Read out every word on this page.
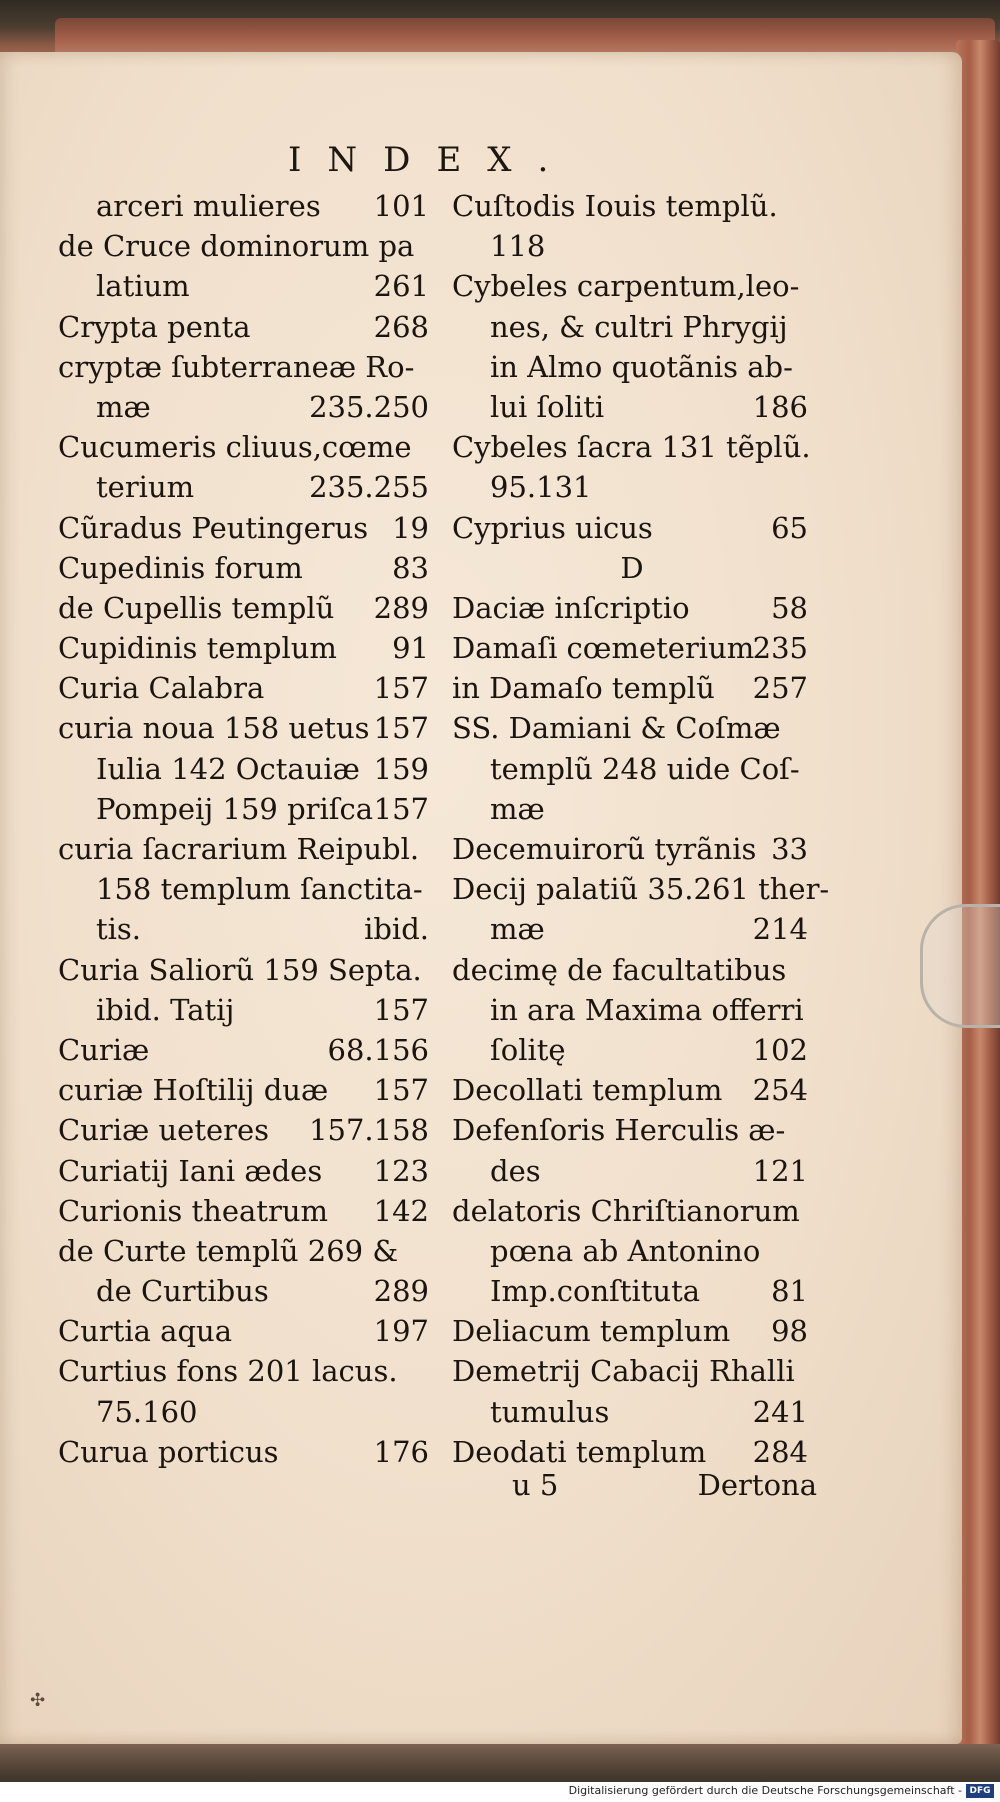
INDEX.
arceri mulieres 101
de Cruce dominorum pa
latium	261
Crypta penta	268
cryptæ ſubterraneæ Ro-
mæ	235.250
Cucumeris cliuus,cœme
terium	235.255
Cũradus Peutingerus 19
Cupedinis forum	83
de Cupellis templũ 289
Cupidinis templum 91
Curia Calabra	157
curia noua 158 uetus 157
Iulia 142 Octauiæ 159
Pompeij 159 priſca 157
curia ſacrarium Reipubl.
158 templum ſanctita-
tis.	ibid.
Curia Saliorũ 159 Septa.
ibid. Tatij	157
Curiæ	68.156
curiæ Hoſtilij duæ 157
Curiæ ueteres 157.158
Curiatij Iani ædes 123
Curionis theatrum 142
de Curte templũ 269 &
de Curtibus	289
Curtia aqua	197
Curtius fons 201 lacus.
75.160
Curua porticus	176
Cuſtodis Iouis templũ.
118
Cybeles carpentum,leo-
nes, & cultri Phrygij
in Almo quotãnis ab-
lui ſoliti	186
Cybeles ſacra 131 tẽplũ.
95.131
Cyprius uicus	65
D
Daciæ inſcriptio	58
Damaſi cœmeterium
235
in Damaſo templũ 257
SS. Damiani & Coſmæ
templũ 248 uide Coſ-
mæ
Decemuirorũ tyrãnis 33
Decij palatiũ 35.261 ther-
mæ	214
decimę de facultatibus
in ara Maxima offerri
ſolitę	102
Decollati templum 254
Defenſoris Herculis æ-
des	121
delatoris Chriſtianorum
pœna ab Antonino
Imp.conſtituta 81
Deliacum templum 98
Demetrij Cabacij Rhalli
tumulus	241
Deodati templum 284
u 5	Dertona
✣
Digitalisierung gefördert durch die Deutsche Forschungsgemeinschaft - DFG
